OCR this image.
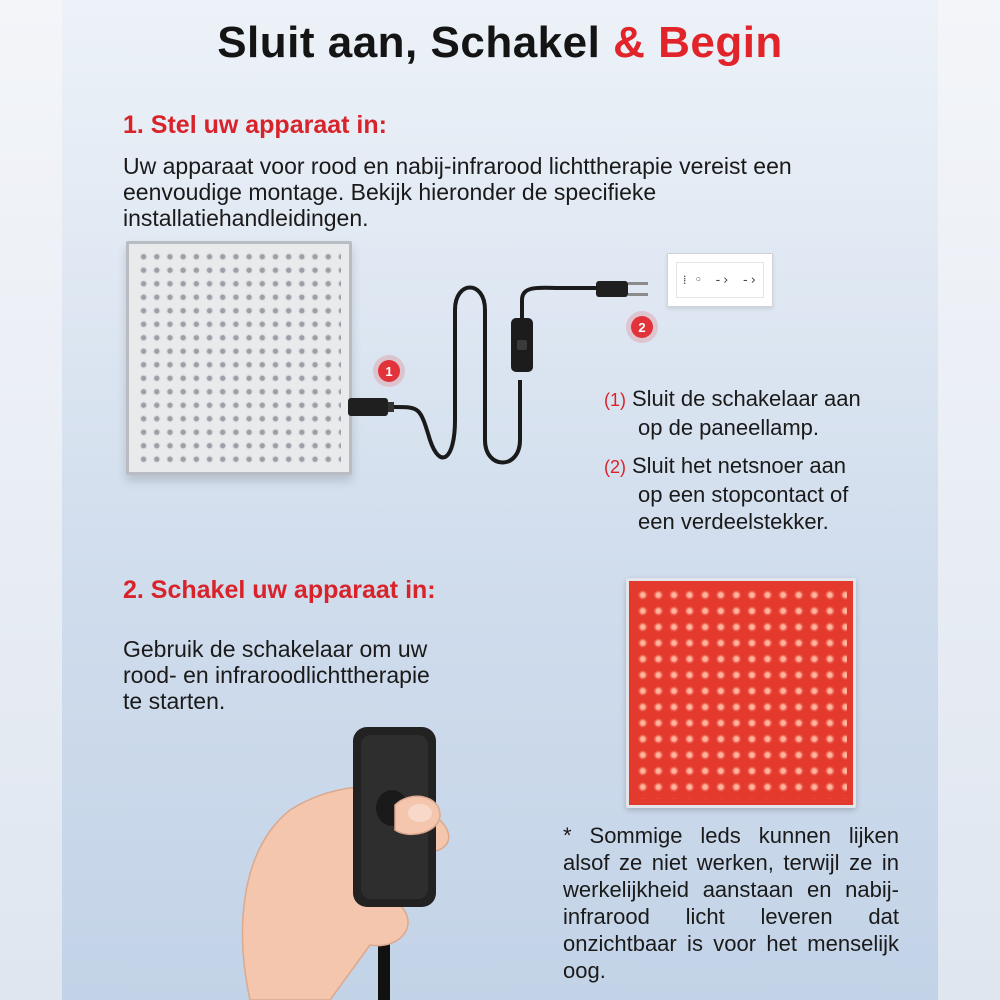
Sluit aan, Schakel & Begin
1. Stel uw apparaat in:
Uw apparaat voor rood en nabij-infrarood lichttherapie vereist een
eenvoudige montage. Bekijk hieronder de specifieke
installatiehandleidingen.
⁞ ◦ -› -›
1
2
(1) Sluit de schakelaar aan
op de paneellamp.
(2) Sluit het netsnoer aan
op een stopcontact of
een verdeelstekker.
2. Schakel uw apparaat in:
Gebruik de schakelaar om uw
rood- en infraroodlichttherapie
te starten.
* Sommige leds kunnen lijken alsof ze niet werken, terwijl ze in werkelijkheid aanstaan en nabij-infrarood licht leveren dat onzichtbaar is voor het menselijk oog.
